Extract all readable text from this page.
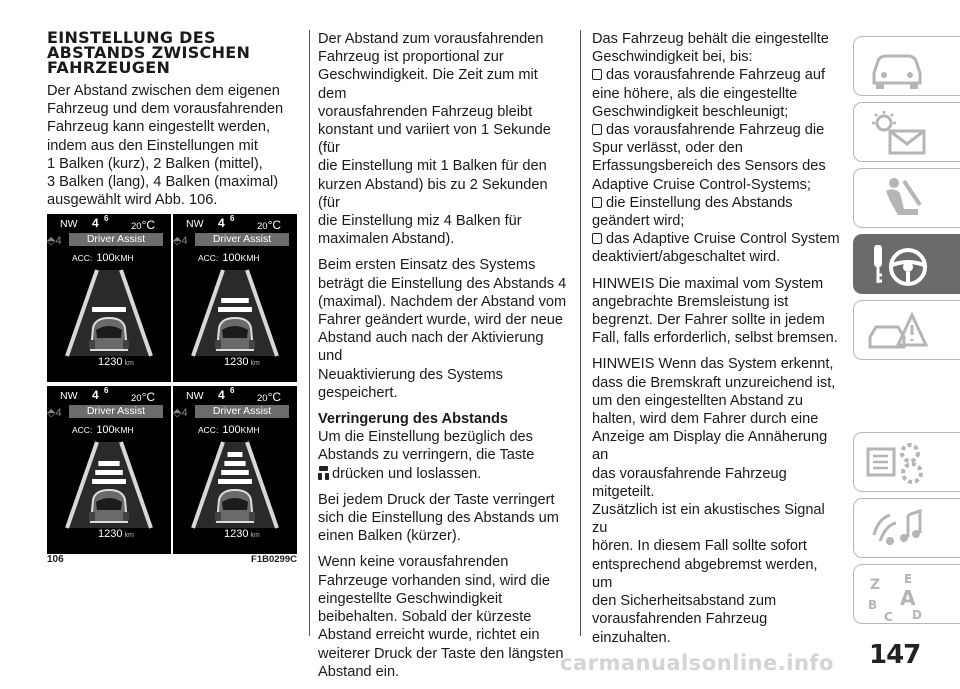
EINSTELLUNG DES
ABSTANDS ZWISCHEN
FAHRZEUGEN

Der Abstand zwischen dem eigenen
Fahrzeug und dem vorausfahrenden
Fahrzeug kann eingestellt werden,
indem aus den Einstellungen mit
1 Balken (kurz), 2 Balken (mittel),
3 Balken (lang), 4 Balken (maximal)
ausgewählt wird Abb. 106.

NW 4 6
20°C
⬘4	Driver Assist
ACC: 100KMH
1230 km
NW 4 6
20°C
⬘4	Driver Assist
ACC: 100KMH
1230 km
NW 4 6
20°C
⬘4	Driver Assist
ACC: 100KMH
1230 km
NW 4 6
20°C
⬘4	Driver Assist
ACC: 100KMH
1230 km
106	F1B0299C

Der Abstand zum vorausfahrenden
Fahrzeug ist proportional zur
Geschwindigkeit. Die Zeit zum mit dem
vorausfahrenden Fahrzeug bleibt
konstant und variiert von 1 Sekunde (für
die Einstellung mit 1 Balken für den
kurzen Abstand) bis zu 2 Sekunden (für
die Einstellung miz 4 Balken für
maximalen Abstand).

Beim ersten Einsatz des Systems
beträgt die Einstellung des Abstands 4
(maximal). Nachdem der Abstand vom
Fahrer geändert wurde, wird der neue
Abstand auch nach der Aktivierung und
Neuaktivierung des Systems
gespeichert.

Verringerung des Abstands

Um die Einstellung bezüglich des
Abstands zu verringern, die Taste
drücken und loslassen.

Bei jedem Druck der Taste verringert
sich die Einstellung des Abstands um
einen Balken (kürzer).

Wenn keine vorausfahrenden
Fahrzeuge vorhanden sind, wird die
eingestellte Geschwindigkeit
beibehalten. Sobald der kürzeste
Abstand erreicht wurde, richtet ein
weiterer Druck der Taste den längsten
Abstand ein.

Das Fahrzeug behält die eingestellte
Geschwindigkeit bei, bis:
das vorausfahrende Fahrzeug auf
eine höhere, als die eingestellte
Geschwindigkeit beschleunigt;
das vorausfahrende Fahrzeug die
Spur verlässt, oder den
Erfassungsbereich des Sensors des
Adaptive Cruise Control-Systems;
die Einstellung des Abstands
geändert wird;
das Adaptive Cruise Control System
deaktiviert/abgeschaltet wird.

HINWEIS Die maximal vom System
angebrachte Bremsleistung ist
begrenzt. Der Fahrer sollte in jedem
Fall, falls erforderlich, selbst bremsen.

HINWEIS Wenn das System erkennt,
dass die Bremskraft unzureichend ist,
um den eingestellten Abstand zu
halten, wird dem Fahrer durch eine
Anzeige am Display die Annäherung an
das vorausfahrende Fahrzeug mitgeteilt.
Zusätzlich ist ein akustisches Signal zu
hören. In diesem Fall sollte sofort
entsprechend abgebremst werden, um
den Sicherheitsabstand zum
vorausfahrenden Fahrzeug einzuhalten.

Z E
B A
C D
147
carmanualsonline.info
